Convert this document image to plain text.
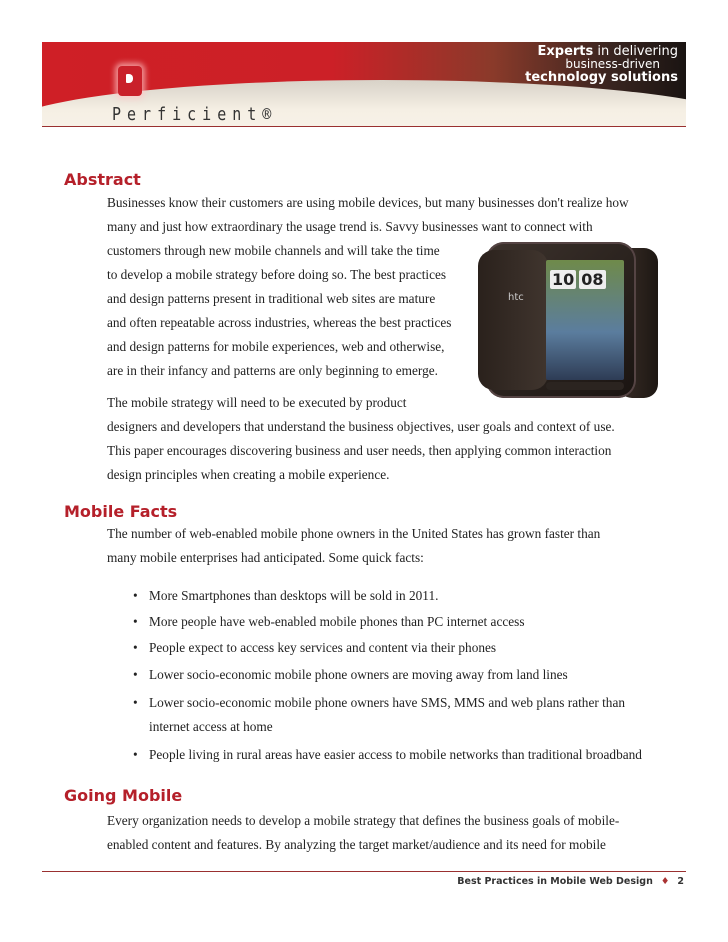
Perficient®
Experts in delivering
business-driven
technology solutions
Abstract
Businesses know their customers are using mobile devices, but many businesses don't realize how
many and just how extraordinary the usage trend is. Savvy businesses want to connect with
customers through new mobile channels and will take the time
to develop a mobile strategy before doing so. The best practices
and design patterns present in traditional web sites are mature
and often repeatable across industries, whereas the best practices
and design patterns for mobile experiences, web and otherwise,
are in their infancy and patterns are only beginning to emerge.
The mobile strategy will need to be executed by product
designers and developers that understand the business objectives, user goals and context of use.
This paper encourages discovering business and user needs, then applying common interaction
design principles when creating a mobile experience.
htc
10 08
Mobile Facts
The number of web-enabled mobile phone owners in the United States has grown faster than
many mobile enterprises had anticipated. Some quick facts:
• More Smartphones than desktops will be sold in 2011.
• More people have web-enabled mobile phones than PC internet access
• People expect to access key services and content via their phones
• Lower socio-economic mobile phone owners are moving away from land lines
• Lower socio-economic mobile phone owners have SMS, MMS and web plans rather than
internet access at home
• People living in rural areas have easier access to mobile networks than traditional broadband
Going Mobile
Every organization needs to develop a mobile strategy that defines the business goals of mobile-
enabled content and features. By analyzing the target market/audience and its need for mobile
Best Practices in Mobile Web Design ♦ 2
